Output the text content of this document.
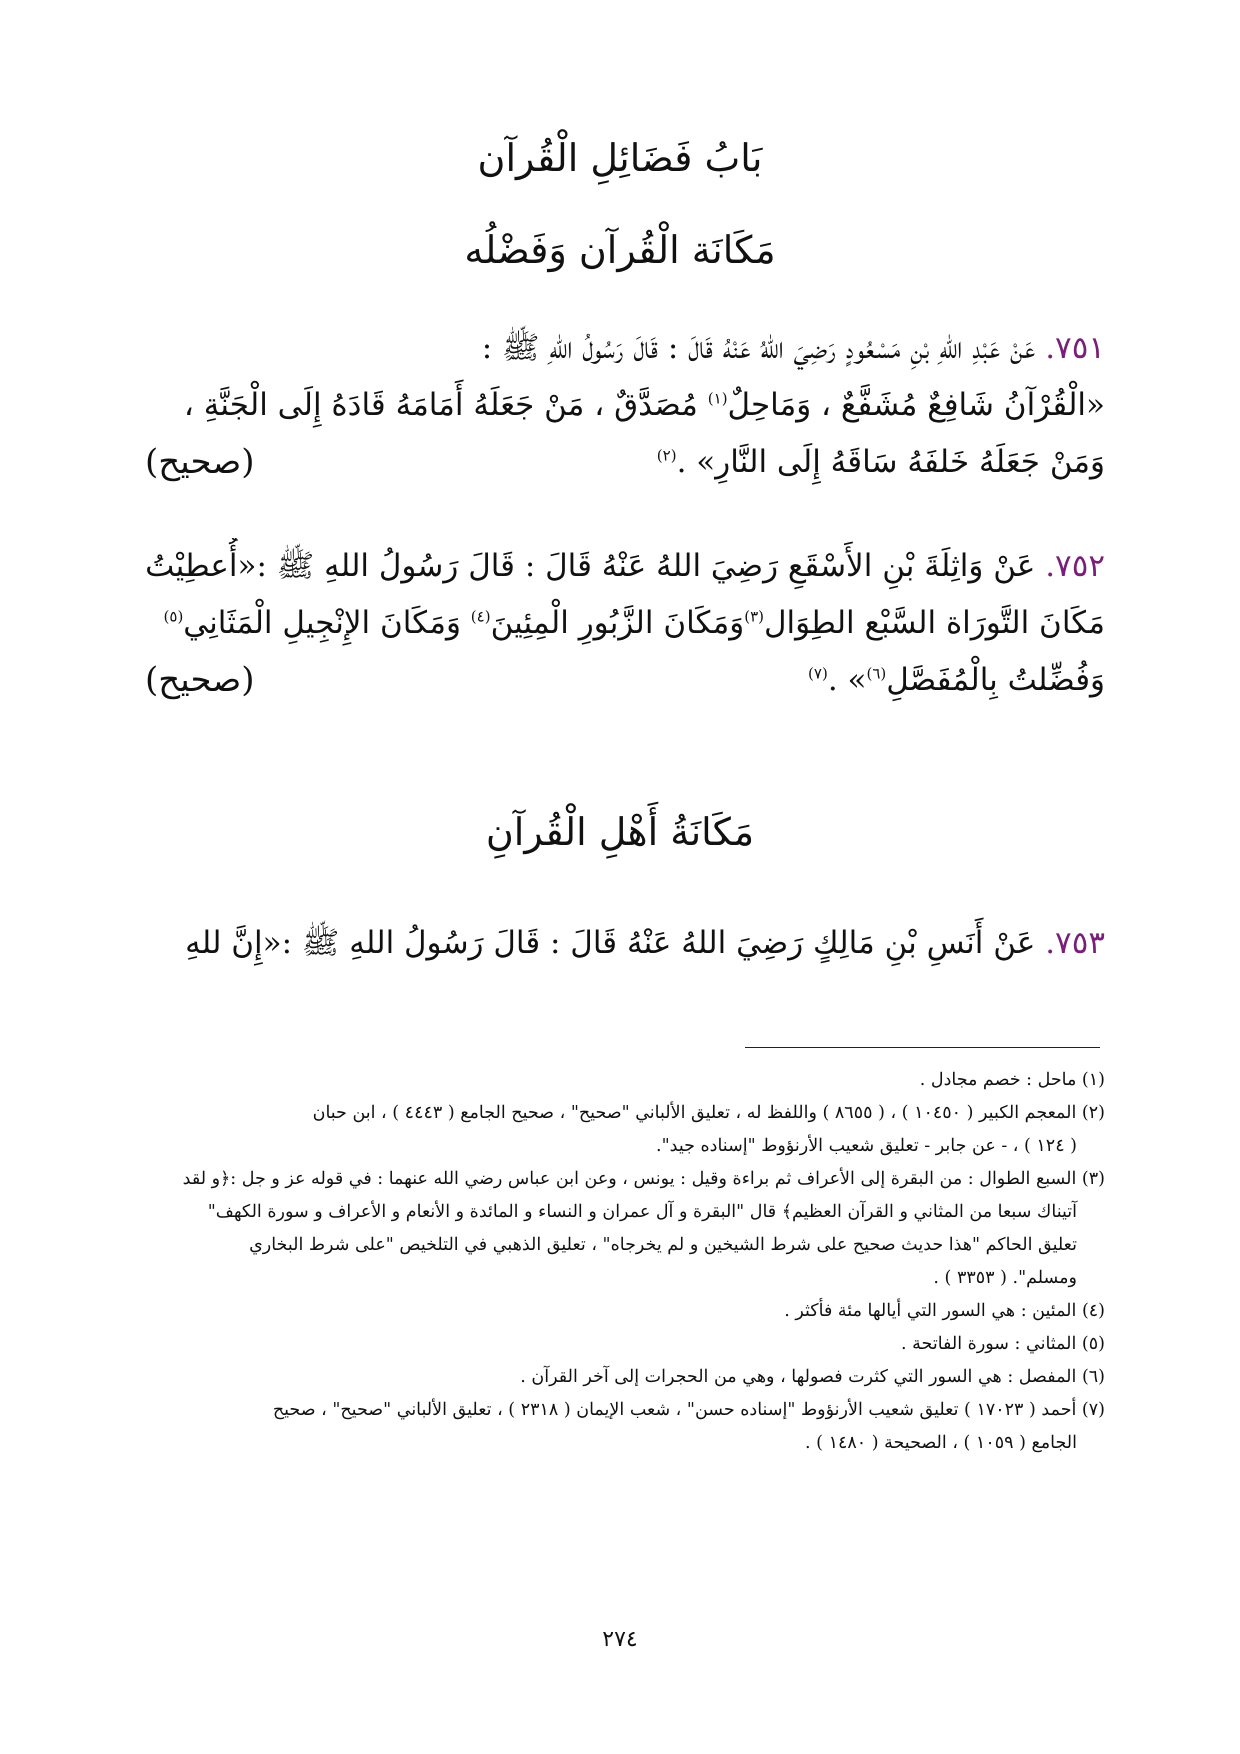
بَابُ فَضَائِلِ الْقُرآن
مَكَانَة الْقُرآن وَفَضْلُه
٧٥١. عَنْ عَبْدِ اللهِ بْنِ مَسْعُودٍ رَضِيَ اللهُ عَنْهُ قَالَ : قَالَ رَسُولُ اللهِ ﷺ :
«الْقُرْآنُ شَافِعٌ مُشَفَّعٌ ، وَمَاحِلٌ$^{(١)}$ مُصَدَّقٌ ، مَنْ جَعَلَهُ أَمَامَهُ قَادَهُ إِلَى الْجَنَّةِ ،
وَمَنْ جَعَلَهُ خَلفَهُ سَاقَهُ إِلَى النَّارِ» .$^{(٢)}$
(صحيح)
٧٥٢. عَنْ وَاثِلَةَ بْنِ الأَسْقَعِ رَضِيَ اللهُ عَنْهُ قَالَ : قَالَ رَسُولُ اللهِ ﷺ :«أُعطِيْتُ
مَكَانَ التَّورَاة السَّبْع الطِوَال$^{(٣)}$وَمَكَانَ الزَّبُورِ الْمِئِينَ$^{(٤)}$ وَمَكَانَ الإِنْجِيلِ الْمَثَانِي$^{(٥)}$
وَفُضِّلتُ بِالْمُفَصَّلِ$^{(٦)}$» .$^{(٧)}$
(صحيح)
مَكَانَةُ أَهْلِ الْقُرآنِ
٧٥٣. عَنْ أَنَسِ بْنِ مَالِكٍ رَضِيَ اللهُ عَنْهُ قَالَ : قَالَ رَسُولُ اللهِ ﷺ :«إِنَّ للهِ
(١) ماحل : خصم مجادل .
(٢) المعجم الكبير ( ١٠٤٥٠ ) ، ( ٨٦٥٥ ) واللفظ له ، تعليق الألباني "صحيح" ، صحيح الجامع ( ٤٤٤٣ ) ، ابن حبان
( ١٢٤ ) ، - عن جابر - تعليق شعيب الأرنؤوط "إسناده جيد".
(٣) السبع الطوال : من البقرة إلى الأعراف ثم براءة وقيل : يونس ، وعن ابن عباس رضي الله عنهما : في قوله عز و جل :﴿و لقد
آتيناك سبعا من المثاني و القرآن العظيم﴾ قال "البقرة و آل عمران و النساء و المائدة و الأنعام و الأعراف و سورة الكهف"
تعليق الحاكم "هذا حديث صحيح على شرط الشيخين و لم يخرجاه" ، تعليق الذهبي في التلخيص "على شرط البخاري
ومسلم". ( ٣٣٥٣ ) .
(٤) المئين : هي السور التي أيالها مئة فأكثر .
(٥) المثاني : سورة الفاتحة .
(٦) المفصل : هي السور التي كثرت فصولها ، وهي من الحجرات إلى آخر القرآن .
(٧) أحمد ( ١٧٠٢٣ ) تعليق شعيب الأرنؤوط "إسناده حسن" ، شعب الإيمان ( ٢٣١٨ ) ، تعليق الألباني "صحيح" ، صحيح
الجامع ( ١٠٥٩ ) ، الصحيحة ( ١٤٨٠ ) .
٢٧٤
